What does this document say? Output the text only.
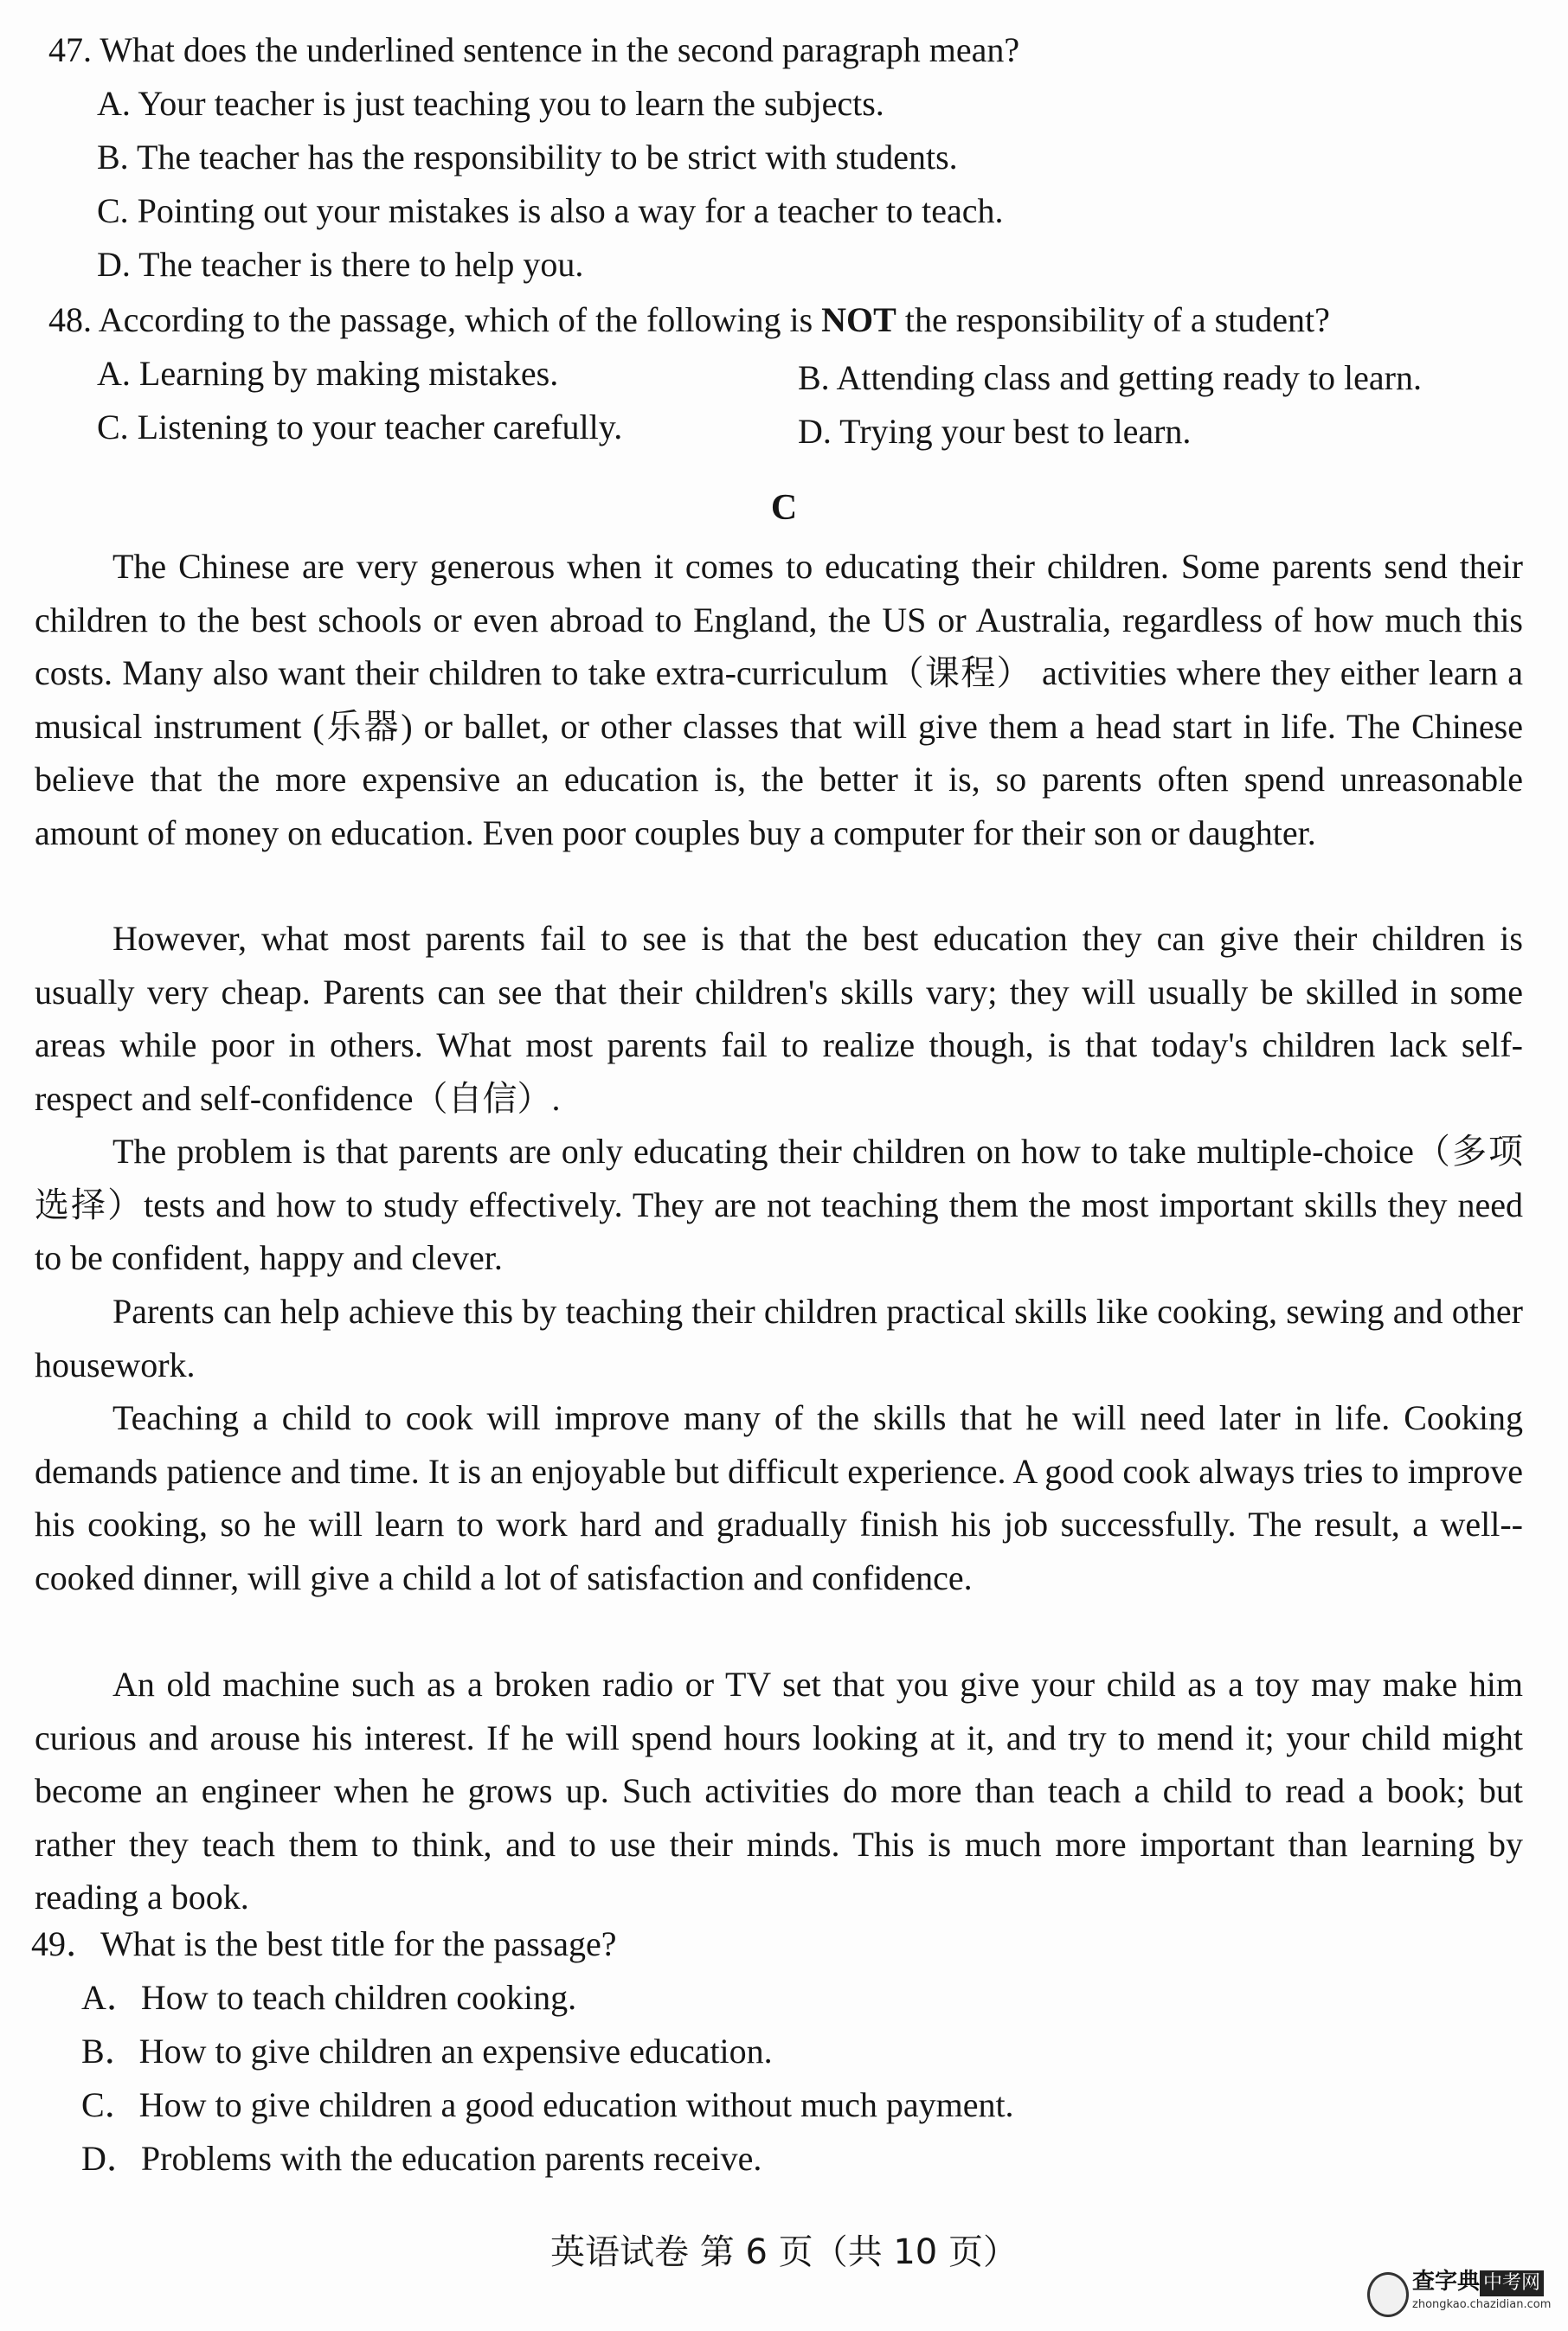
47. What does the underlined sentence in the second paragraph mean?
A. Your teacher is just teaching you to learn the subjects.
B. The teacher has the responsibility to be strict with students.
C. Pointing out your mistakes is also a way for a teacher to teach.
D. The teacher is there to help you.
48. According to the passage, which of the following is NOT the responsibility of a student?
A. Learning by making mistakes.	B. Attending class and getting ready to learn.
C. Listening to your teacher carefully.	D. Trying your best to learn.
C
The Chinese are very generous when it comes to educating their children. Some parents send their children to the best schools or even abroad to England, the US or Australia, regardless of how much this costs. Many also want their children to take extra-curriculum（课程） activities where they either learn a musical instrument (乐器) or ballet, or other classes that will give them a head start in life. The Chinese believe that the more expensive an education is, the better it is, so parents often spend unreasonable amount of money on education. Even poor couples buy a computer for their son or daughter.
However, what most parents fail to see is that the best education they can give their children is usually very cheap. Parents can see that their children's skills vary; they will usually be skilled in some areas while poor in others. What most parents fail to realize though, is that today's children lack self-respect and self-confidence（自信）.
The problem is that parents are only educating their children on how to take multiple-choice（多项选择）tests and how to study effectively. They are not teaching them the most important skills they need to be confident, happy and clever.
Parents can help achieve this by teaching their children practical skills like cooking, sewing and other housework.
Teaching a child to cook will improve many of the skills that he will need later in life. Cooking demands patience and time. It is an enjoyable but difficult experience. A good cook always tries to improve his cooking, so he will learn to work hard and gradually finish his job successfully. The result, a well--cooked dinner, will give a child a lot of satisfaction and confidence.
An old machine such as a broken radio or TV set that you give your child as a toy may make him curious and arouse his interest. If he will spend hours looking at it, and try to mend it; your child might become an engineer when he grows up. Such activities do more than teach a child to read a book; but rather they teach them to think, and to use their minds. This is much more important than learning by reading a book.
49．What is the best title for the passage?
A．How to teach children cooking.
B．How to give children an expensive education.
C．How to give children a good education without much payment.
D．Problems with the education parents receive.
英语试卷 第 6 页（共 10 页）
查字典 中考网
zhongkao.chazidian.com
